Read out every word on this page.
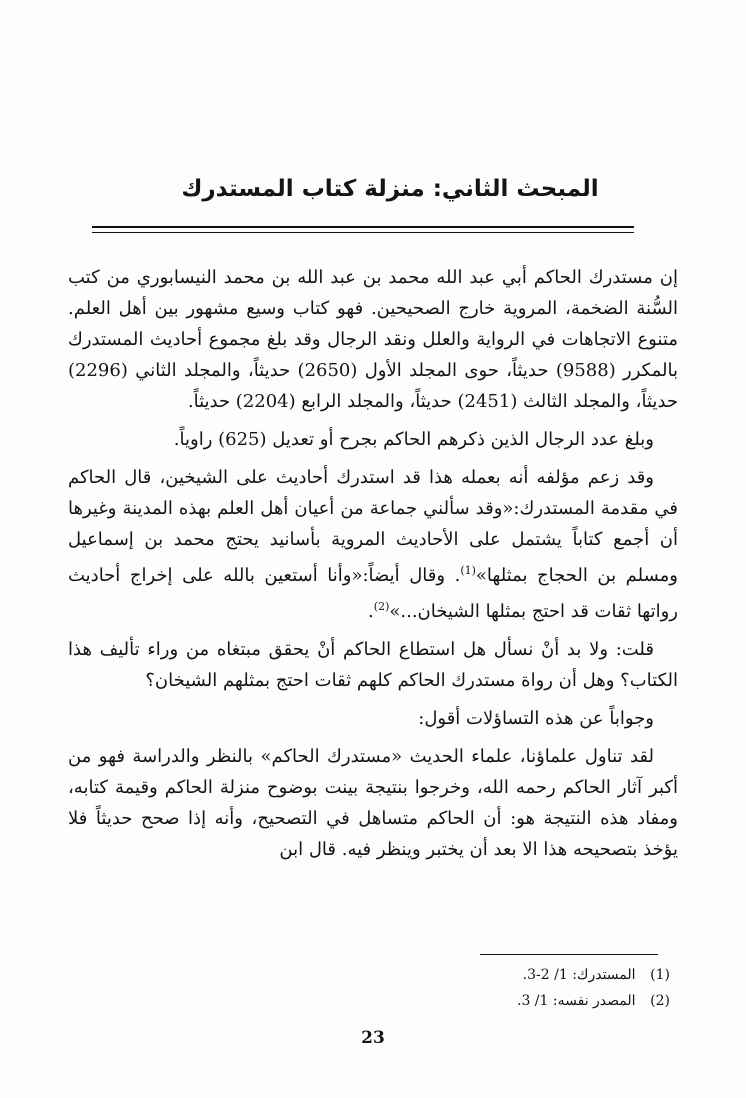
المبحث الثاني: منزلة كتاب المستدرك

إن مستدرك الحاكم أبي عبد الله محمد بن عبد الله بن محمد النيسابوري من كتب السُّنة الضخمة، المروية خارج الصحيحين. فهو كتاب وسيع مشهور بين أهل العلم. متنوع الاتجاهات في الرواية والعلل ونقد الرجال وقد بلغ مجموع أحاديث المستدرك بالمكرر (9588) حديثاً، حوى المجلد الأول (2650) حديثاً، والمجلد الثاني (2296) حديثاً، والمجلد الثالث (2451) حديثاً، والمجلد الرابع (2204) حديثاً.

وبلغ عدد الرجال الذين ذكرهم الحاكم بجرح أو تعديل (625) راوياً.

وقد زعم مؤلفه أنه بعمله هذا قد استدرك أحاديث على الشيخين، قال الحاكم في مقدمة المستدرك:«وقد سألني جماعة من أعيان أهل العلم بهذه المدينة وغيرها أن أجمع كتاباً يشتمل على الأحاديث المروية بأسانيد يحتج محمد بن إسماعيل ومسلم بن الحجاج بمثلها»$^{(1)}$. وقال أيضاً:«وأنا أستعين بالله على إخراج أحاديث رواتها ثقات قد احتج بمثلها الشيخان...»$^{(2)}$.

قلت: ولا بد أنْ نسأل هل استطاع الحاكم أنْ يحقق مبتغاه من وراء تأليف هذا الكتاب؟ وهل أن رواة مستدرك الحاكم كلهم ثقات احتج بمثلهم الشيخان؟

وجواباً عن هذه التساؤلات أقول:

لقد تناول علماؤنا، علماء الحديث «مستدرك الحاكم» بالنظر والدراسة فهو من أكبر آثار الحاكم رحمه الله، وخرجوا بنتيجة بينت بوضوح منزلة الحاكم وقيمة كتابه، ومفاد هذه النتيجة هو: أن الحاكم متساهل في التصحيح، وأنه إذا صحح حديثاً فلا يؤخذ بتصحيحه هذا الا بعد أن يختبر وينظر فيه. قال ابن

(1) المستدرك: 1/ 2-3.

(2) المصدر نفسه: 1/ 3.

23
